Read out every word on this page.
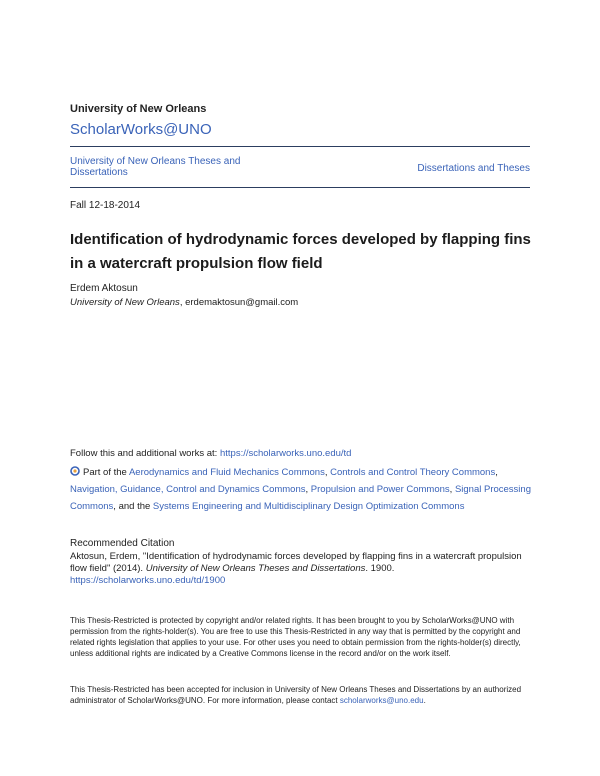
University of New Orleans
ScholarWorks@UNO
University of New Orleans Theses and Dissertations	Dissertations and Theses
Fall 12-18-2014
Identification of hydrodynamic forces developed by flapping fins in a watercraft propulsion flow field
Erdem Aktosun
University of New Orleans, erdemaktosun@gmail.com
Follow this and additional works at: https://scholarworks.uno.edu/td
Part of the Aerodynamics and Fluid Mechanics Commons, Controls and Control Theory Commons, Navigation, Guidance, Control and Dynamics Commons, Propulsion and Power Commons, Signal Processing Commons, and the Systems Engineering and Multidisciplinary Design Optimization Commons
Recommended Citation
Aktosun, Erdem, "Identification of hydrodynamic forces developed by flapping fins in a watercraft propulsion flow field" (2014). University of New Orleans Theses and Dissertations. 1900.
https://scholarworks.uno.edu/td/1900
This Thesis-Restricted is protected by copyright and/or related rights. It has been brought to you by ScholarWorks@UNO with permission from the rights-holder(s). You are free to use this Thesis-Restricted in any way that is permitted by the copyright and related rights legislation that applies to your use. For other uses you need to obtain permission from the rights-holder(s) directly, unless additional rights are indicated by a Creative Commons license in the record and/or on the work itself.
This Thesis-Restricted has been accepted for inclusion in University of New Orleans Theses and Dissertations by an authorized administrator of ScholarWorks@UNO. For more information, please contact scholarworks@uno.edu.
